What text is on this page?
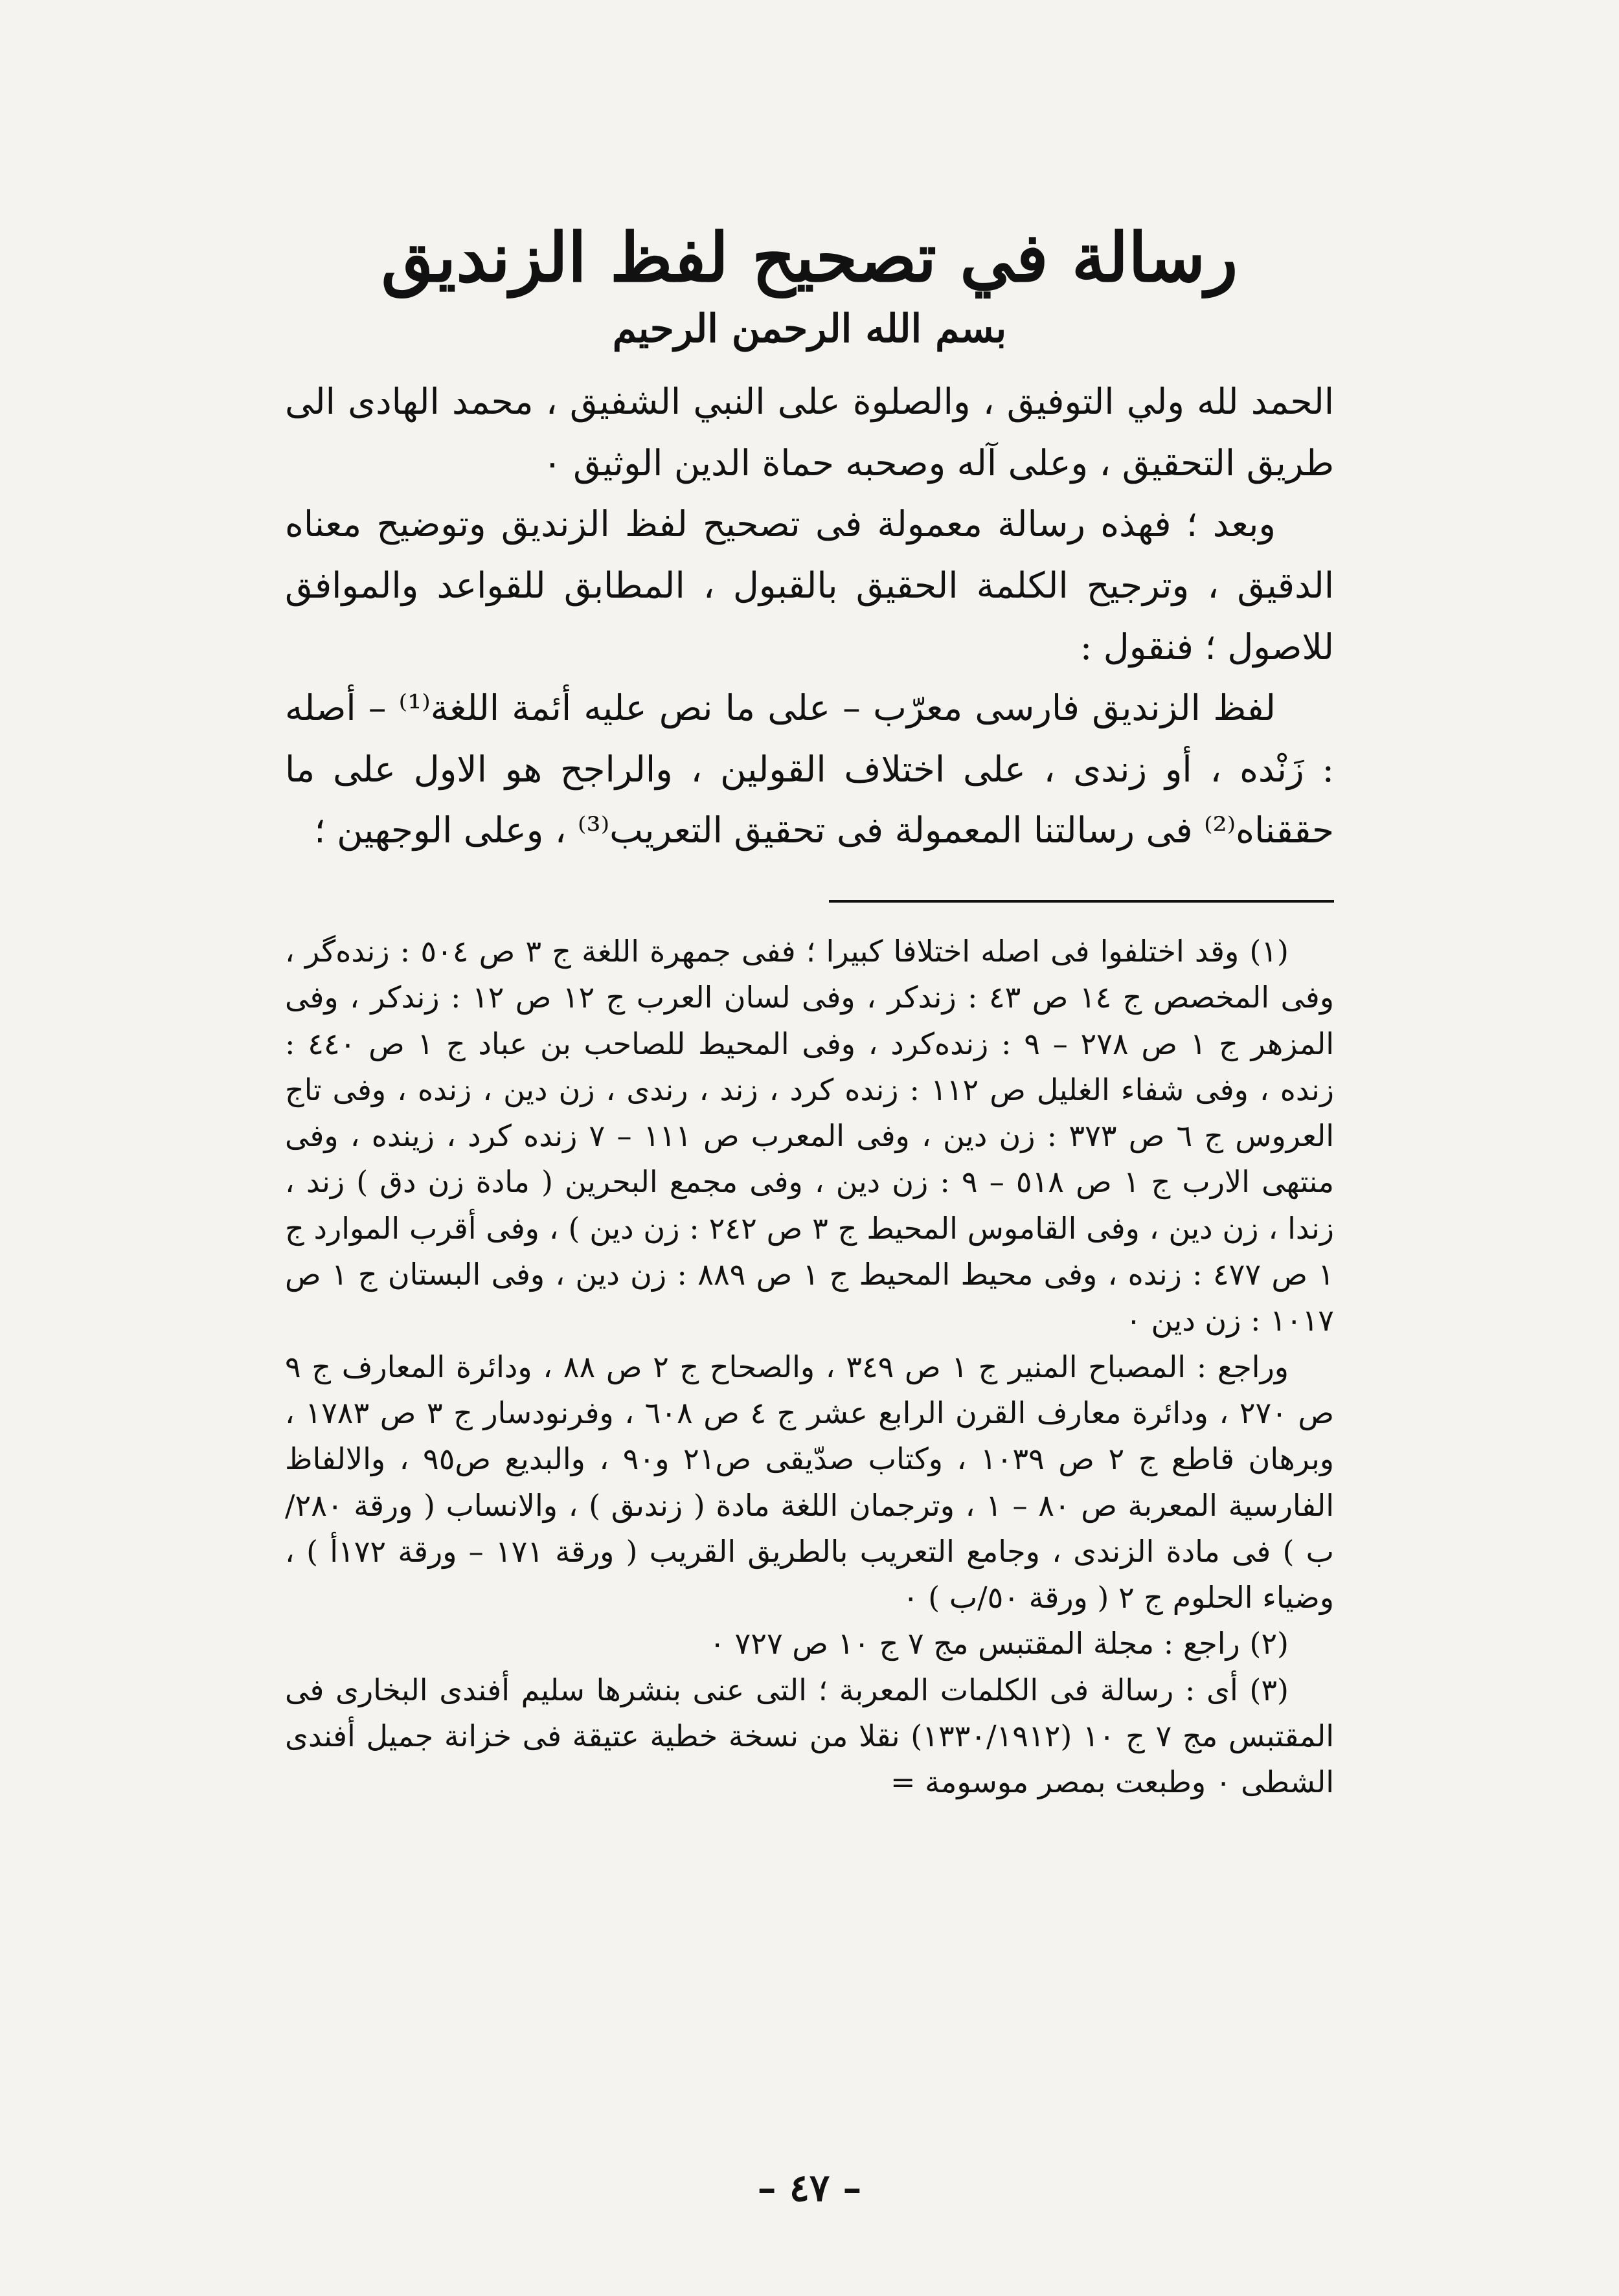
رسالة في تصحيح لفظ الزنديق
بسم الله الرحمن الرحيم

الحمد لله ولي التوفيق ، والصلوة على النبي الشفيق ، محمد الهادى الى طريق التحقيق ، وعلى آله وصحبه حماة الدين الوثيق ٠

وبعد ؛ فهذه رسالة معمولة فى تصحيح لفظ الزنديق وتوضيح معناه الدقيق ، وترجيح الكلمة الحقيق بالقبول ، المطابق للقواعد والموافق للاصول ؛ فنقول :

لفظ الزنديق فارسى معرّب – على ما نص عليه أئمة اللغة⁽¹⁾ – أصله : زَنْده ، أو زندى ، على اختلاف القولين ، والراجح هو الاول على ما حققناه⁽²⁾ فى رسالتنا المعمولة فى تحقيق التعريب⁽³⁾ ، وعلى الوجهين ؛

(١) وقد اختلفوا فى اصله اختلافا كبيرا ؛ ففى جمهرة اللغة ج ٣ ص ٥٠٤ : زنده‌گر ، وفى المخصص ج ١٤ ص ٤٣ : زندكر ، وفى لسان العرب ج ١٢ ص ١٢ : زندكر ، وفى المزهر ج ١ ص ٢٧٨ – ٩ : زنده‌كرد ، وفى المحيط للصاحب بن عباد ج ١ ص ٤٤٠ : زنده ، وفى شفاء الغليل ص ١١٢ : زنده كرد ، زند ، رندى ، زن دين ، زنده ، وفى تاج العروس ج ٦ ص ٣٧٣ : زن دين ، وفى المعرب ص ١١١ – ٧ زنده كرد ، زينده ، وفى منتهى الارب ج ١ ص ٥١٨ – ٩ : زن دين ، وفى مجمع البحرين ( مادة زن دق ) زند ، زندا ، زن دين ، وفى القاموس المحيط ج ٣ ص ٢٤٢ : زن دين ) ، وفى أقرب الموارد ج ١ ص ٤٧٧ : زنده ، وفى محيط المحيط ج ١ ص ٨٨٩ : زن دين ، وفى البستان ج ١ ص ١٠١٧ : زن دين ٠

وراجع : المصباح المنير ج ١ ص ٣٤٩ ، والصحاح ج ٢ ص ٨٨ ، ودائرة المعارف ج ٩ ص ٢٧٠ ، ودائرة معارف القرن الرابع عشر ج ٤ ص ٦٠٨ ، وفرنودسار ج ٣ ص ١٧٨٣ ، وبرهان قاطع ج ٢ ص ١٠٣٩ ، وكتاب صدّيقى ص٢١ و٩٠ ، والبديع ص٩٥ ، والالفاظ الفارسية المعربة ص ٨٠ – ١ ، وترجمان اللغة مادة ( زندىق ) ، والانساب ( ورقة ٢٨٠/ب ) فى مادة الزندى ، وجامع التعريب بالطريق القريب ( ورقة ١٧١ – ورقة ١٧٢أ ) ، وضياء الحلوم ج ٢ ( ورقة ٥٠/ب ) ٠

(٢) راجع : مجلة المقتبس مج ٧ ج ١٠ ص ٧٢٧ ٠

(٣) أى : رسالة فى الكلمات المعربة ؛ التى عنى بنشرها سليم أفندى البخارى فى المقتبس مج ٧ ج ١٠ (١٣٣٠/١٩١٢) نقلا من نسخة خطية عتيقة فى خزانة جميل أفندى الشطى ٠ وطبعت بمصر موسومة =

– ٤٧ –
